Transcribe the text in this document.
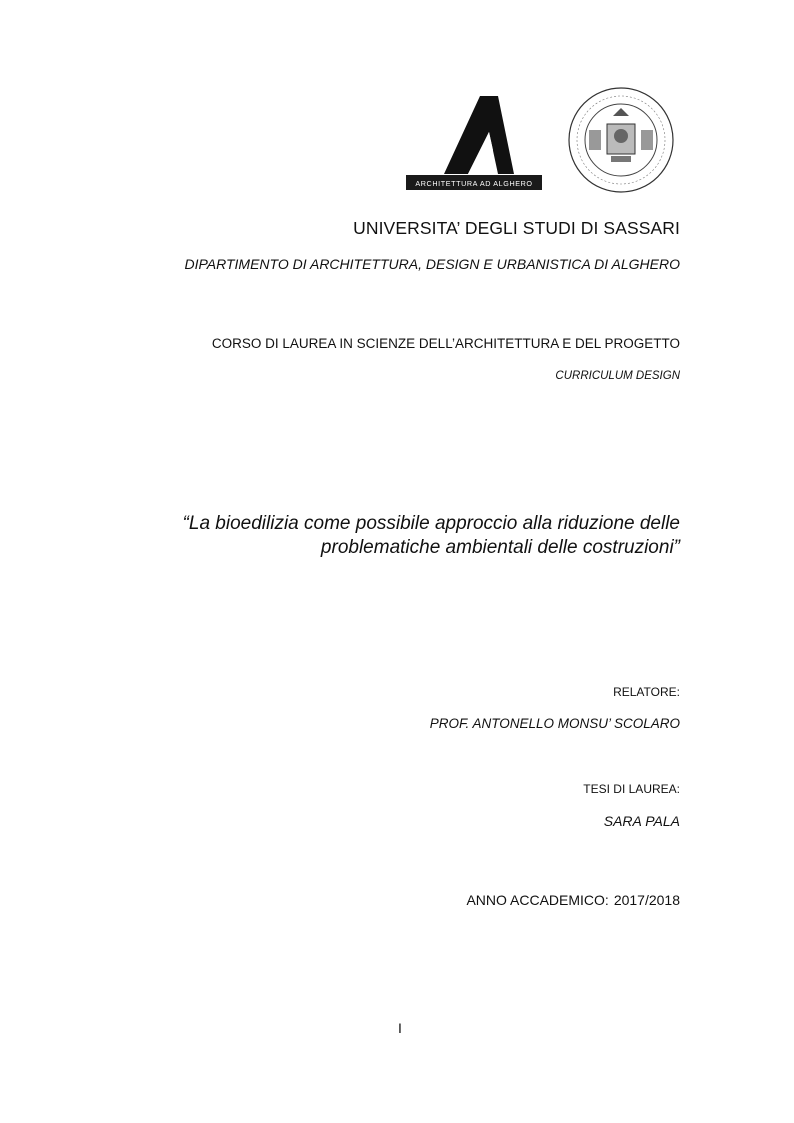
ARCHITETTURA AD ALGHERO
UNIVERSITA’ DEGLI STUDI DI SASSARI
DIPARTIMENTO DI ARCHITETTURA, DESIGN E URBANISTICA DI ALGHERO
CORSO DI LAUREA IN SCIENZE DELL’ARCHITETTURA E DEL PROGETTO
CURRICULUM DESIGN
“La bioedilizia come possibile approccio alla riduzione delle
problematiche ambientali delle costruzioni”
RELATORE:
PROF. ANTONELLO MONSU’ SCOLARO
TESI DI LAUREA:
SARA PALA
ANNO ACCADEMICO: 2017/2018
I
